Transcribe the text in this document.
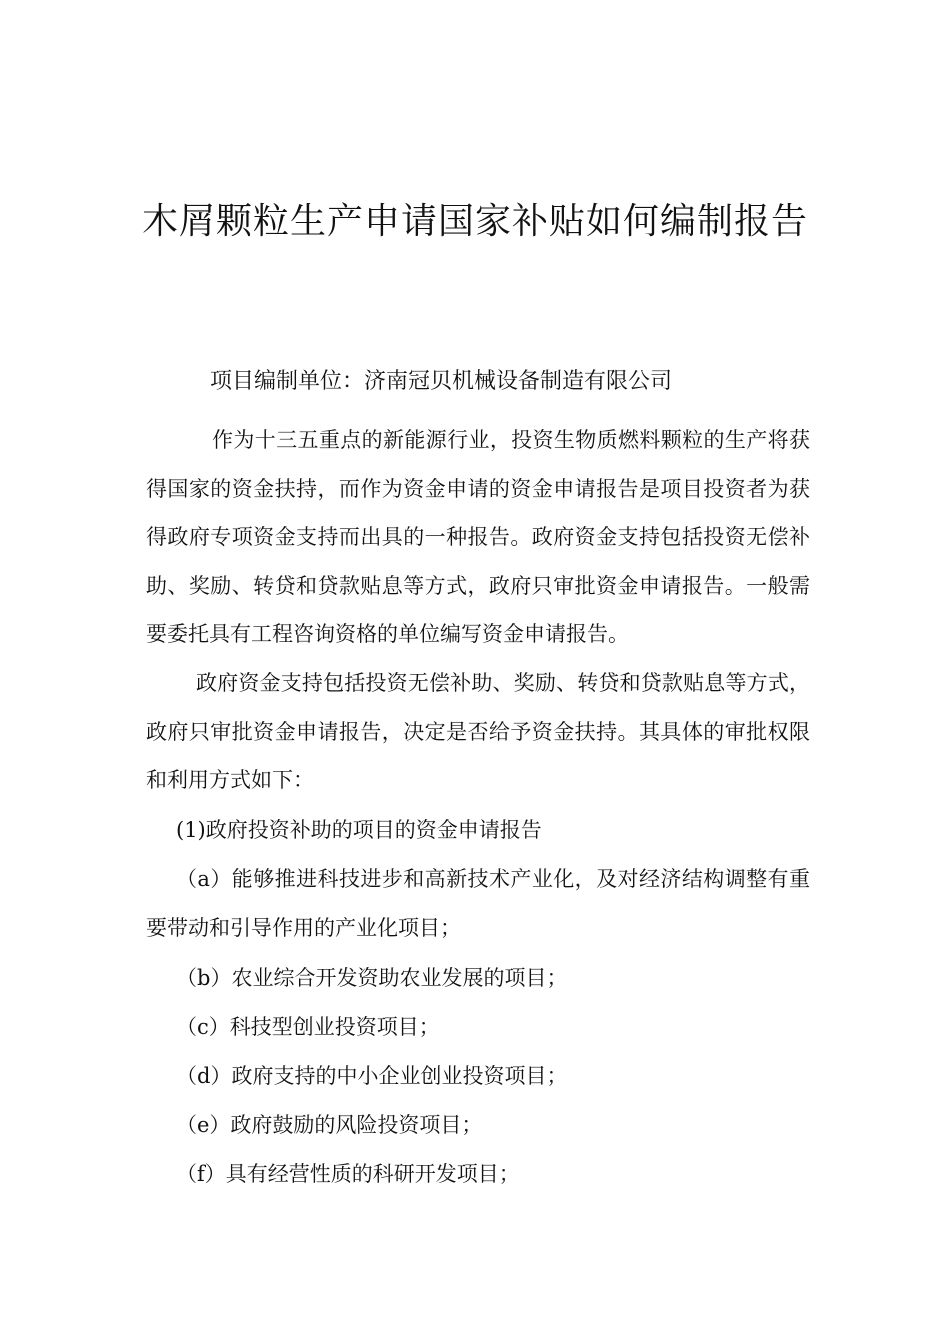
木屑颗粒生产申请国家补贴如何编制报告
项目编制单位：济南冠贝机械设备制造有限公司

作为十三五重点的新能源行业，投资生物质燃料颗粒的生产将获得国家的资金扶持，而作为资金申请的资金申请报告是项目投资者为获得政府专项资金支持而出具的一种报告。政府资金支持包括投资无偿补助、奖励、转贷和贷款贴息等方式，政府只审批资金申请报告。一般需要委托具有工程咨询资格的单位编写资金申请报告。

政府资金支持包括投资无偿补助、奖励、转贷和贷款贴息等方式，政府只审批资金申请报告，决定是否给予资金扶持。其具体的审批权限和利用方式如下：

(1)政府投资补助的项目的资金申请报告

（a）能够推进科技进步和高新技术产业化，及对经济结构调整有重要带动和引导作用的产业化项目；

（b）农业综合开发资助农业发展的项目；

（c）科技型创业投资项目；

（d）政府支持的中小企业创业投资项目；

（e）政府鼓励的风险投资项目；

（f）具有经营性质的科研开发项目；
